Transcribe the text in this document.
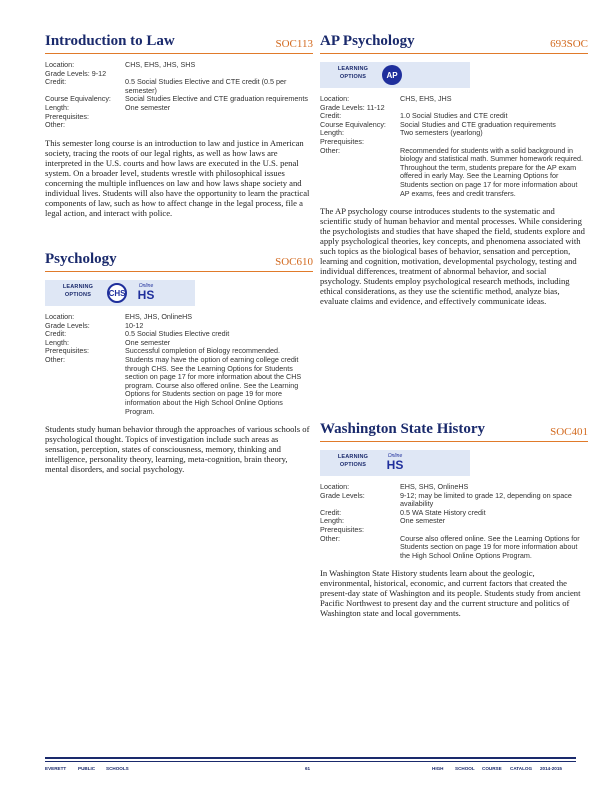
Introduction to Law	SOC113
Location:	CHS, EHS, JHS, SHS
Grade Levels: 9-12
Credit:	0.5 Social Studies Elective and CTE credit (0.5 per semester)
Course Equivalency:	Social Studies Elective and CTE graduation requirements
Length:	One semester
Prerequisites:
Other:
This semester long course is an introduction to law and justice in American society, tracing the roots of our legal rights, as well as how laws are interpreted in the U.S. courts and how laws are executed in the U.S. penal system. On a broader level, students wrestle with philosophical issues concerning the multiple influences on law and how laws shape society and individual lives. Students will also have the opportunity to learn the practical components of law, such as how to affect change in the legal process, file a legal action, and interact with police.
Psychology	SOC610
LEARNING OPTIONS	CHS
Online
HS
Location:	EHS, JHS, OnlineHS
Grade Levels:	10-12
Credit:	0.5 Social Studies Elective credit
Length:	One semester
Prerequisites:	Successful completion of Biology recommended.
Other:	Students may have the option of earning college credit through CHS. See the Learning Options for Students section on page 17 for more information about the CHS program. Course also offered online. See the Learning Options for Students section on page 19 for more information about the High School Online Options Program.
Students study human behavior through the approaches of various schools of psychological thought. Topics of investigation include such areas as sensation, perception, states of consciousness, memory, thinking and intelligence, personality theory, learning, meta-cognition, brain theory, mental disorders, and social psychology.
AP Psychology	693SOC
LEARNING OPTIONS	AP
Location:	CHS, EHS, JHS
Grade Levels: 11-12
Credit:	1.0 Social Studies and CTE credit
Course Equivalency:	Social Studies and CTE graduation requirements
Length:	Two semesters (yearlong)
Prerequisites:
Other:	Recommended for students with a solid background in biology and statistical math. Summer homework required. Throughout the term, students prepare for the AP exam offered in early May. See the Learning Options for Students section on page 17 for more information about AP exams, fees and credit transfers.
The AP psychology course introduces students to the systematic and scientific study of human behavior and mental processes. While considering the psychologists and studies that have shaped the field, students explore and apply psychological theories, key concepts, and phenomena associated with such topics as the biological bases of behavior, sensation and perception, learning and cognition, motivation, developmental psychology, testing and individual differences, treatment of abnormal behavior, and social psychology. Students employ psychological research methods, including ethical considerations, as they use the scientific method, analyze bias, evaluate claims and evidence, and effectively communicate ideas.
Washington State History	SOC401
LEARNING OPTIONS
Online
HS
Location:	EHS, SHS, OnlineHS
Grade Levels:	9-12; may be limited to grade 12, depending on space availability
Credit:	0.5 WA State History credit
Length:	One semester
Prerequisites:
Other:	Course also offered online. See the Learning Options for Students section on page 19 for more information about the High School Online Options Program.
In Washington State History students learn about the geologic, environmental, historical, economic, and current factors that created the present-day state of Washington and its people. Students study from ancient Pacific Northwest to present day and the current structure and politics of Washington state and local governments.
EVERETT	PUBLIC SCHOOLS	61	HIGH	SCHOOL COURSE CATALOG 2014-2015
